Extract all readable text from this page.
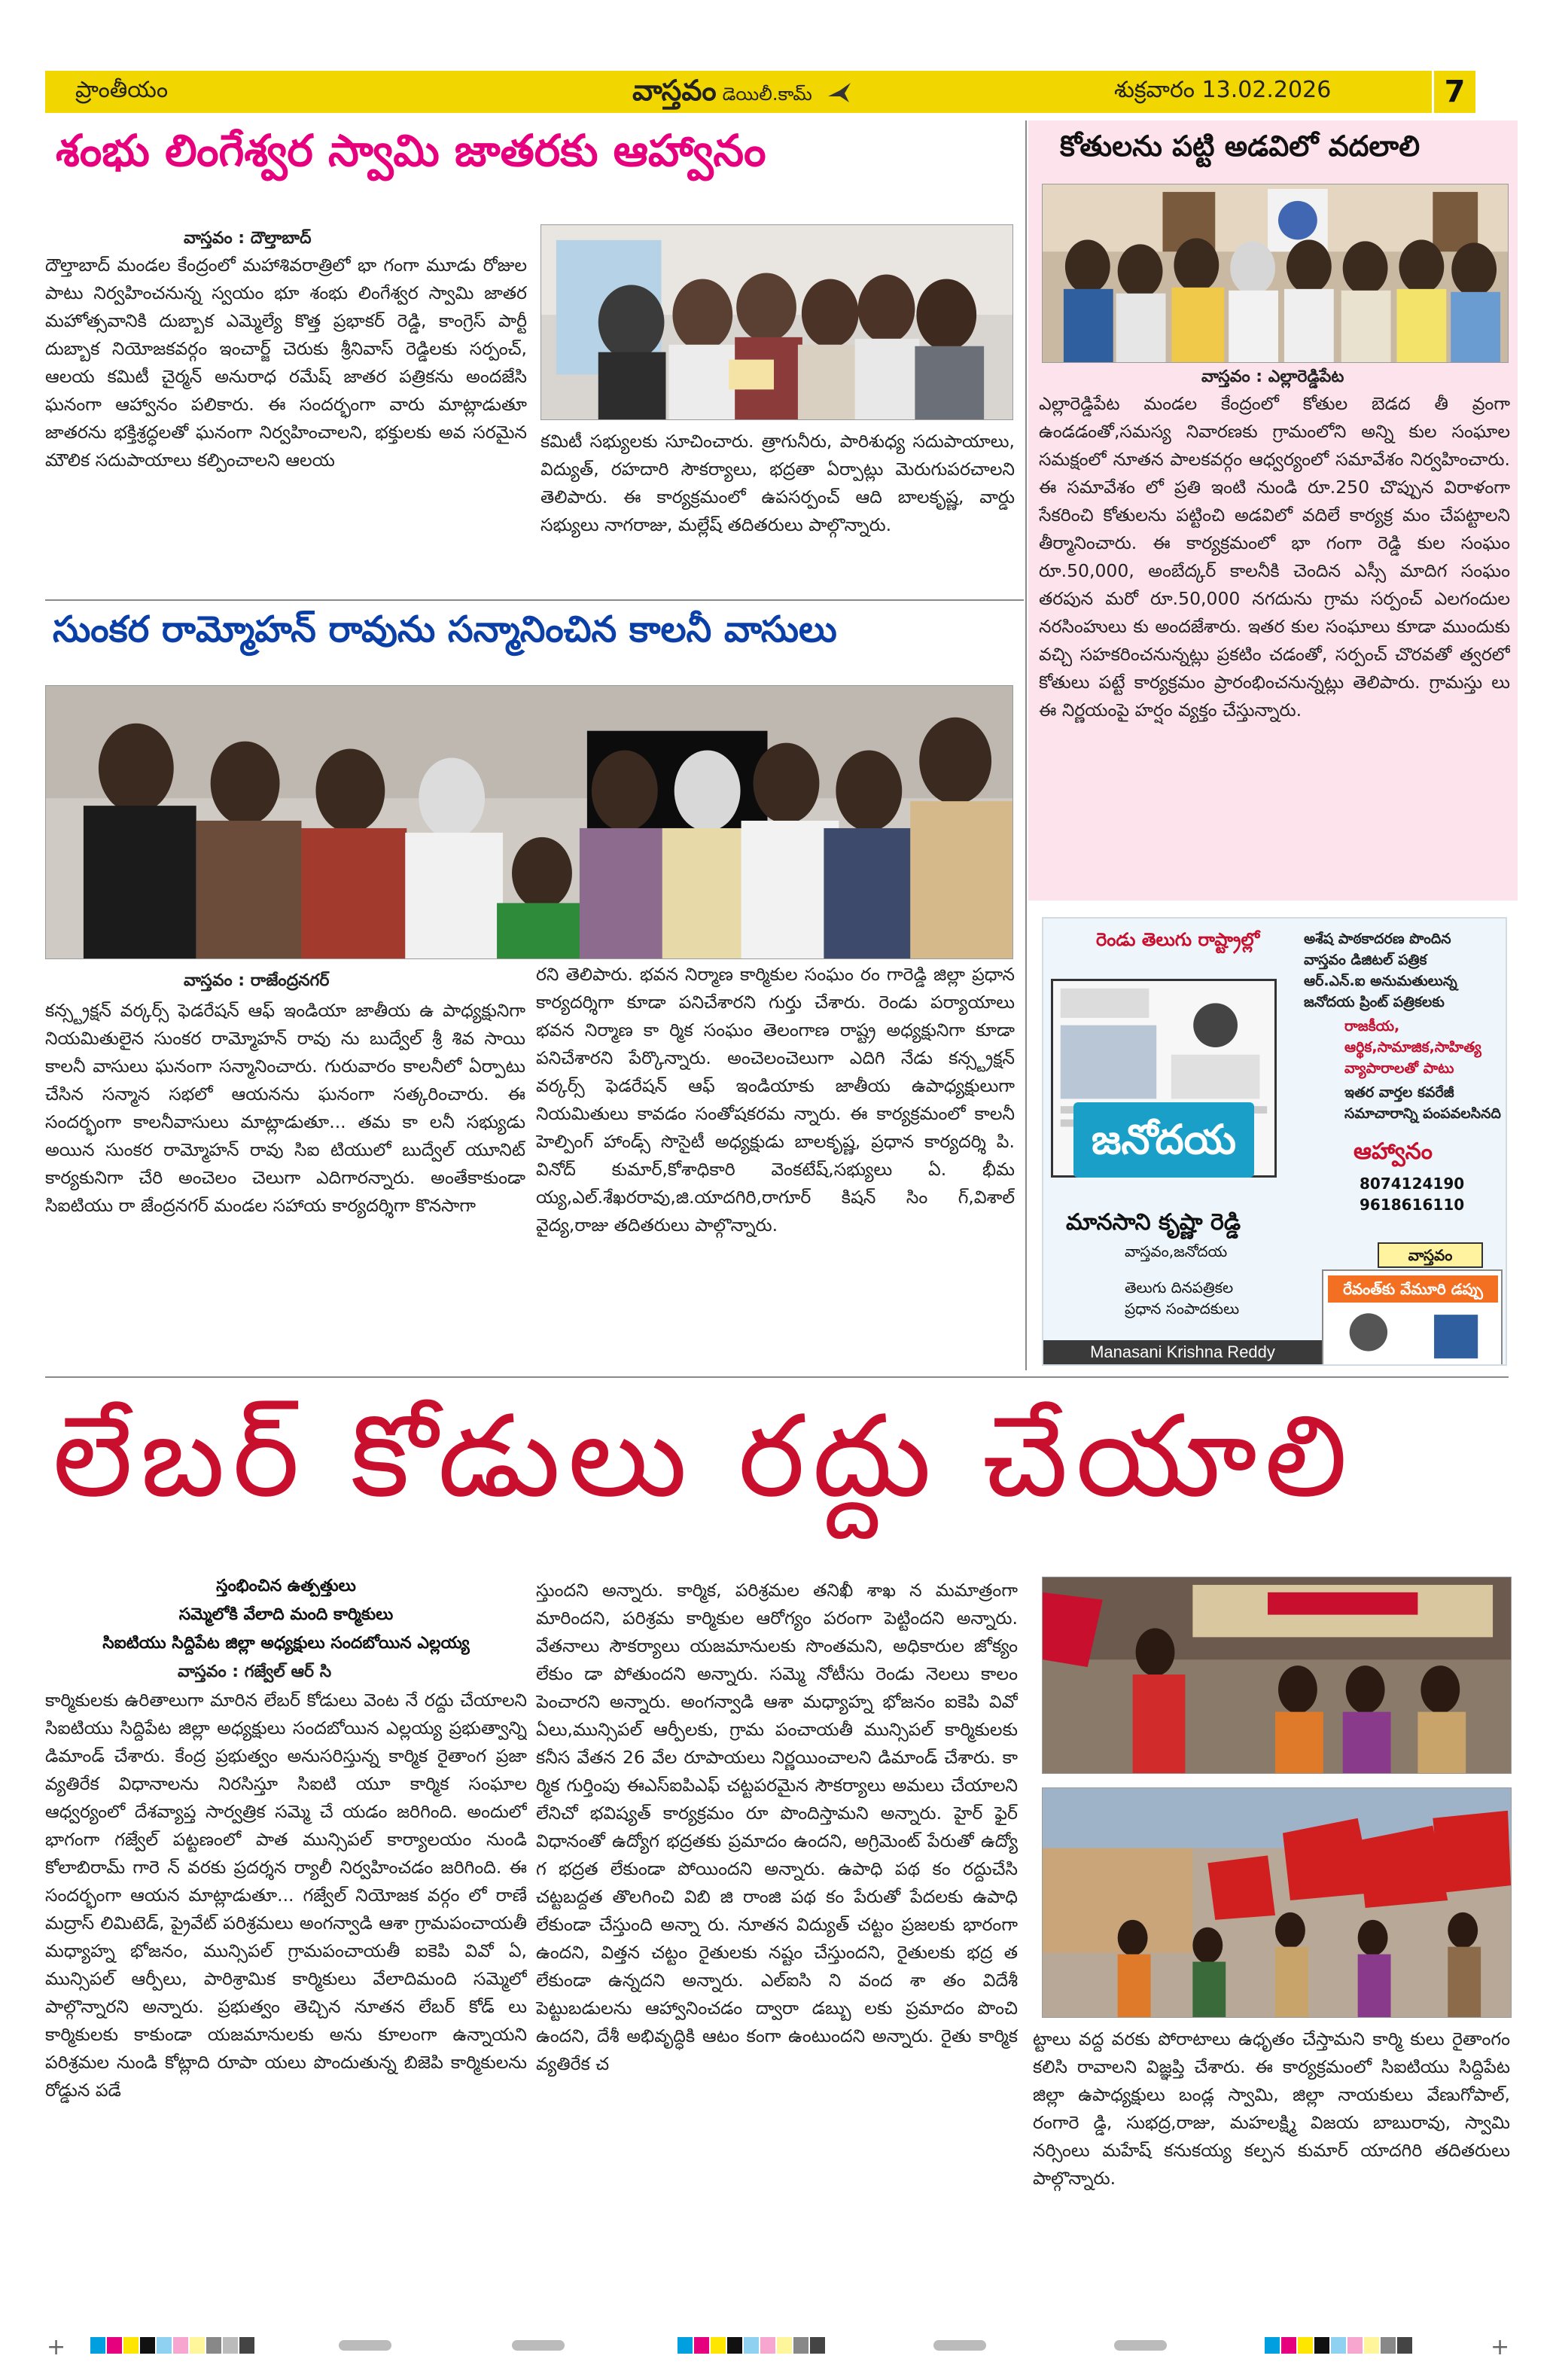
ప్రాంతీయం	వాస్తవం డెయిలీ.కామ్	శుక్రవారం 13.02.2026	7
శంభు లింగేశ్వర స్వామి జాతరకు ఆహ్వానం
వాస్తవం : దౌల్తాబాద్
దౌల్తాబాద్ మండల కేంద్రంలో మహాశివరాత్రిలో భా గంగా మూడు రోజుల పాటు నిర్వహించనున్న స్వయం భూ శంభు లింగేశ్వర స్వామి జాతర మహోత్సవానికి దుబ్బాక ఎమ్మెల్యే కొత్త ప్రభాకర్ రెడ్డి, కాంగ్రెస్ పార్టీ దుబ్బాక నియోజకవర్గం ఇంచార్జ్ చెరుకు శ్రీనివాస్ రెడ్డిలకు సర్పంచ్, ఆలయ కమిటీ చైర్మన్ అనురాధ రమేష్ జాతర పత్రికను అందజేసి ఘనంగా ఆహ్వానం పలికారు. ఈ సందర్భంగా వారు మాట్లాడుతూ జాతరను భక్తిశ్రద్ధలతో ఘనంగా నిర్వహించాలని, భక్తులకు అవ సరమైన మౌలిక సదుపాయాలు కల్పించాలని ఆలయ
కమిటీ సభ్యులకు సూచించారు. త్రాగునీరు, పారిశుధ్య సదుపాయాలు, విద్యుత్, రహదారి సౌకర్యాలు, భద్రతా ఏర్పాట్లు మెరుగుపరచాలని తెలిపారు. ఈ కార్యక్రమంలో ఉపసర్పంచ్ ఆది బాలకృష్ణ, వార్డు సభ్యులు నాగరాజు, మల్లేష్ తదితరులు పాల్గొన్నారు.
కోతులను పట్టి అడవిలో వదలాలి
వాస్తవం : ఎల్లారెడ్డిపేట
ఎల్లారెడ్డిపేట మండల కేంద్రంలో కోతుల బెడద తీ వ్రంగా ఉండడంతో,సమస్య నివారణకు గ్రామంలోని అన్ని కుల సంఘాల సమక్షంలో నూతన పాలకవర్గం ఆధ్వర్యంలో సమావేశం నిర్వహించారు. ఈ సమావేశం లో ప్రతి ఇంటి నుండి రూ.250 చొప్పున విరాళంగా సేకరించి కోతులను పట్టించి అడవిలో వదిలే కార్యక్ర మం చేపట్టాలని తీర్మానించారు. ఈ కార్యక్రమంలో భా గంగా రెడ్డి కుల సంఘం రూ.50,000, అంబేద్కర్ కాలనీకి చెందిన ఎస్సీ మాదిగ సంఘం తరపున మరో రూ.50,000 నగదును గ్రామ సర్పంచ్ ఎలగందుల నరసింహులు కు అందజేశారు. ఇతర కుల సంఘాలు కూడా ముందుకు వచ్చి సహకరించనున్నట్లు ప్రకటిం చడంతో, సర్పంచ్ చొరవతో త్వరలో కోతులు పట్టే కార్యక్రమం ప్రారంభించనున్నట్లు తెలిపారు. గ్రామస్తు లు ఈ నిర్ణయంపై హర్షం వ్యక్తం చేస్తున్నారు.
సుంకర రామ్మోహన్ రావును సన్మానించిన కాలనీ వాసులు
వాస్తవం : రాజేంద్రనగర్
కన్స్ట్రక్షన్ వర్కర్స్ ఫెడరేషన్ ఆఫ్ ఇండియా జాతీయ ఉ పాధ్యక్షునిగా నియమితులైన సుంకర రామ్మోహన్ రావు ను బుద్వేల్ శ్రీ శివ సాయి కాలనీ వాసులు ఘనంగా సన్మానించారు. గురువారం కాలనీలో ఏర్పాటు చేసిన సన్మాన సభలో ఆయనను ఘనంగా సత్కరించారు. ఈ సందర్భంగా కాలనీవాసులు మాట్లాడుతూ... తమ కా లనీ సభ్యుడు అయిన సుంకర రామ్మోహన్ రావు సిఐ టియులో బుద్వేల్ యూనిట్ కార్యకునిగా చేరి అంచెలం చెలుగా ఎదిగారన్నారు. అంతేకాకుండా సిఐటియు రా జేంద్రనగర్ మండల సహాయ కార్యదర్శిగా కొనసాగా
రని తెలిపారు. భవన నిర్మాణ కార్మికుల సంఘం రం గారెడ్డి జిల్లా ప్రధాన కార్యదర్శిగా కూడా పనిచేశారని గుర్తు చేశారు. రెండు పర్యాయాలు భవన నిర్మాణ కా ర్మిక సంఘం తెలంగాణ రాష్ట్ర అధ్యక్షునిగా కూడా పనిచేశారని పేర్కొన్నారు. అంచెలంచెలుగా ఎదిగి నేడు కన్స్ట్రక్షన్ వర్కర్స్ ఫెడరేషన్ ఆఫ్ ఇండియాకు జాతీయ ఉపాధ్యక్షులుగా నియమితులు కావడం సంతోషకరమ న్నారు. ఈ కార్యక్రమంలో కాలనీ హెల్పింగ్ హాండ్స్ సొసైటీ అధ్యక్షుడు బాలకృష్ణ, ప్రధాన కార్యదర్శి పి. వినోద్ కుమార్,కోశాధికారి వెంకటేష్,సభ్యులు ఏ. భీమ య్య,ఎల్.శేఖరరావు,జి.యాదగిరి,రాగూర్ కిషన్ సిం గ్,విశాల్ వైద్య,రాజు తదితరులు పాల్గొన్నారు.
రెండు తెలుగు రాష్ట్రాల్లో	అశేష పాఠకాదరణ పొందిన
వాస్తవం డిజిటల్ పత్రిక
ఆర్.ఎన్.ఐ అనుమతులున్న
జనోదయ ప్రింట్ పత్రికలకు
రాజకీయ,
ఆర్థిక,సామాజిక,సాహిత్య
వ్యాపారాలతో పాటు
ఇతర వార్తల కవరేజీ
సమాచారాన్ని పంపవలసినది
జనోదయ	ఆహ్వానం
8074124190
9618616110
మానసాని కృష్ణా రెడ్డి
వాస్తవం,జనోదయ
తెలుగు దినపత్రికల
ప్రధాన సంపాదకులు
వాస్తవం
రేవంత్‌కు వేమూరి డప్పు
Manasani Krishna Reddy
లేబర్ కోడులు రద్దు చేయాలి
స్తంభించిన ఉత్పత్తులు
సమ్మెలోకి వేలాది మంది కార్మికులు
సిఐటియు సిద్దిపేట జిల్లా అధ్యక్షులు సందబోయిన ఎల్లయ్య
వాస్తవం : గజ్వేల్ ఆర్ సి
కార్మికులకు ఉరితాలుగా మారిన లేబర్ కోడులు వెంట నే రద్దు చేయాలని సిఐటియు సిద్దిపేట జిల్లా అధ్యక్షులు సందబోయిన ఎల్లయ్య ప్రభుత్వాన్ని డిమాండ్ చేశారు. కేంద్ర ప్రభుత్వం అనుసరిస్తున్న కార్మిక రైతాంగ ప్రజా వ్యతిరేక విధానాలను నిరసిస్తూ సిఐటి యూ కార్మిక సంఘాల ఆధ్వర్యంలో దేశవ్యాప్త సార్వత్రిక సమ్మె చే యడం జరిగింది. అందులో భాగంగా గజ్వేల్ పట్టణంలో పాత మున్సిపల్ కార్యాలయం నుండి కోలాబిరామ్ గారె న్ వరకు ప్రదర్శన ర్యాలీ నిర్వహించడం జరిగింది. ఈ సందర్భంగా ఆయన మాట్లాడుతూ... గజ్వేల్ నియోజక వర్గం లో రాణే మద్రాస్ లిమిటెడ్, ప్రైవేట్ పరిశ్రమలు అంగన్వాడి ఆశా గ్రామపంచాయతీ మధ్యాహ్న భోజనం, మున్సిపల్ గ్రామపంచాయతీ ఐకెపి వివో ఏ, మున్సిపల్ ఆర్పీలు, పారిశ్రామిక కార్మికులు వేలాదిమంది సమ్మెలో పాల్గొన్నారని అన్నారు. ప్రభుత్వం తెచ్చిన నూతన లేబర్ కోడ్ లు కార్మికులకు కాకుండా యజమానులకు అను కూలంగా ఉన్నాయని పరిశ్రమల నుండి కోట్లాది రూపా యలు పొందుతున్న బిజెపి కార్మికులను రోడ్డున పడే
స్తుందని అన్నారు. కార్మిక, పరిశ్రమల తనిఖీ శాఖ న మమాత్రంగా మారిందని, పరిశ్రమ కార్మికుల ఆరోగ్యం పరంగా పెట్టిందని అన్నారు. వేతనాలు సౌకర్యాలు యజమానులకు సొంతమని, అధికారుల జోక్యం లేకుం డా పోతుందని అన్నారు. సమ్మె నోటీసు రెండు నెలలు కాలం పెంచారని అన్నారు. అంగన్వాడి ఆశా మధ్యాహ్న భోజనం ఐకెపి వివో ఏలు,మున్సిపల్ ఆర్పీలకు, గ్రామ పంచాయతీ మున్సిపల్ కార్మికులకు కనీస వేతన 26 వేల రూపాయలు నిర్ణయించాలని డిమాండ్ చేశారు. కా ర్మిక గుర్తింపు ఈఎస్ఐపిఎఫ్ చట్టపరమైన సౌకర్యాలు అమలు చేయాలని లేనిచో భవిష్యత్ కార్యక్రమం రూ పొందిస్తామని అన్నారు. హైర్ ఫైర్ విధానంతో ఉద్యోగ భద్రతకు ప్రమాదం ఉందని, అగ్రిమెంట్ పేరుతో ఉద్యో గ భద్రత లేకుండా పోయిందని అన్నారు. ఉపాధి పథ కం రద్దుచేసి చట్టబద్దత తొలగించి విబి జి రాంజి పథ కం పేరుతో పేదలకు ఉపాధి లేకుండా చేస్తుంది అన్నా రు. నూతన విద్యుత్ చట్టం ప్రజలకు భారంగా ఉందని, విత్తన చట్టం రైతులకు నష్టం చేస్తుందని, రైతులకు భద్ర త లేకుండా ఉన్నదని అన్నారు. ఎల్ఐసి ని వంద శా తం విదేశీ పెట్టుబడులను ఆహ్వానించడం ద్వారా డబ్బు లకు ప్రమాదం పొంచి ఉందని, దేశీ అభివృద్ధికి ఆటం కంగా ఉంటుందని అన్నారు. రైతు కార్మిక వ్యతిరేక చ
ట్టాలు వద్ద వరకు పోరాటాలు ఉధృతం చేస్తామని కార్మి కులు రైతాంగం కలిసి రావాలని విజ్ఞప్తి చేశారు. ఈ కార్యక్రమంలో సిఐటియు సిద్దిపేట జిల్లా ఉపాధ్యక్షులు బండ్ల స్వామి, జిల్లా నాయకులు వేణుగోపాల్, రంగారె డ్డి, సుభద్ర,రాజు, మహలక్ష్మి విజయ బాబురావు, స్వామి నర్సింలు మహేష్ కనుకయ్య కల్పన కుమార్ యాదగిరి తదితరులు పాల్గొన్నారు.
+	+
